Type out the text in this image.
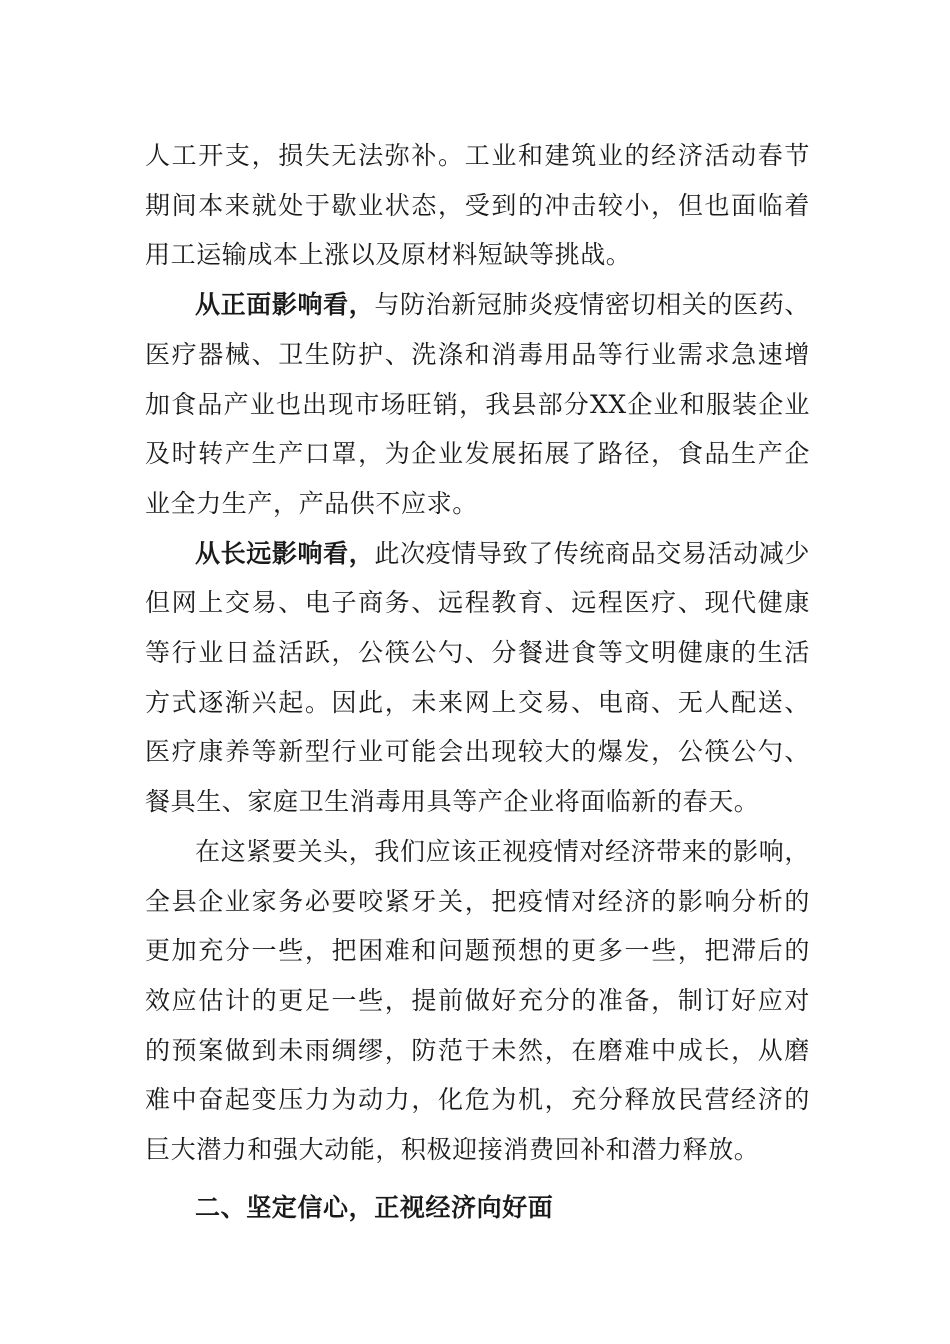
人工开支，损失无法弥补。工业和建筑业的经济活动春节期间本来就处于歇业状态，受到的冲击较小，但也面临着用工运输成本上涨以及原材料短缺等挑战。

从正面影响看，与防治新冠肺炎疫情密切相关的医药、医疗器械、卫生防护、洗涤和消毒用品等行业需求急速增加食品产业也出现市场旺销，我县部分XX企业和服装企业及时转产生产口罩，为企业发展拓展了路径，食品生产企业全力生产，产品供不应求。

从长远影响看，此次疫情导致了传统商品交易活动减少但网上交易、电子商务、远程教育、远程医疗、现代健康等行业日益活跃，公筷公勺、分餐进食等文明健康的生活方式逐渐兴起。因此，未来网上交易、电商、无人配送、医疗康养等新型行业可能会出现较大的爆发，公筷公勺、餐具生、家庭卫生消毒用具等产企业将面临新的春天。

在这紧要关头，我们应该正视疫情对经济带来的影响，全县企业家务必要咬紧牙关，把疫情对经济的影响分析的更加充分一些，把困难和问题预想的更多一些，把滞后的效应估计的更足一些，提前做好充分的准备，制订好应对的预案做到未雨绸缪，防范于未然，在磨难中成长，从磨难中奋起变压力为动力，化危为机，充分释放民营经济的巨大潜力和强大动能，积极迎接消费回补和潜力释放。

二、坚定信心，正视经济向好面
